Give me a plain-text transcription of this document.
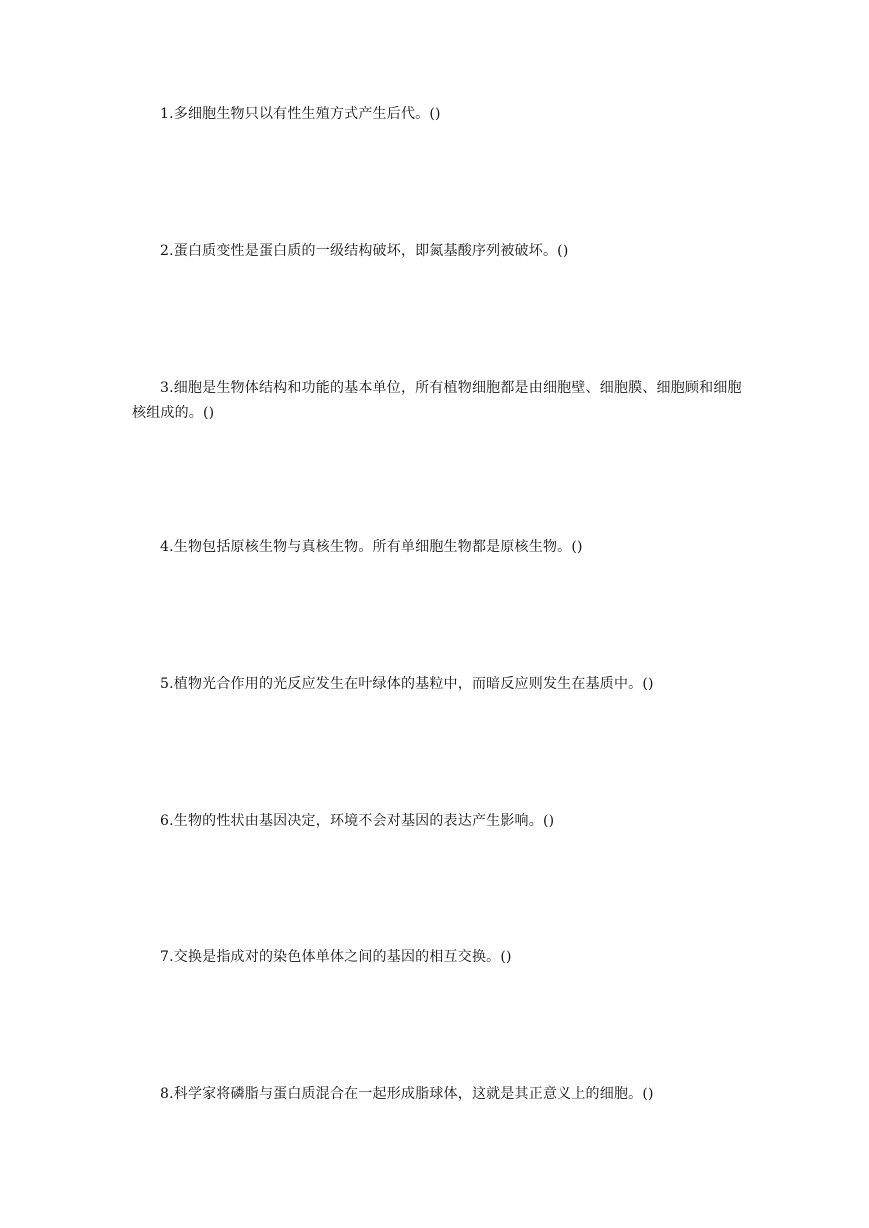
1.多细胞生物只以有性生殖方式产生后代。()

2.蛋白质变性是蛋白质的一级结构破坏，即氮基酸序列被破坏。()

3.细胞是生物体结构和功能的基本单位，所有植物细胞都是由细胞壁、细胞膜、细胞顾和细胞核组成的。()

4.生物包括原核生物与真核生物。所有单细胞生物都是原核生物。()

5.植物光合作用的光反应发生在叶绿体的基粒中，而暗反应则发生在基质中。()

6.生物的性状由基因决定，环境不会对基因的表达产生影响。()

7.交换是指成对的染色体单体之间的基因的相互交换。()

8.科学家将磷脂与蛋白质混合在一起形成脂球体，这就是其正意义上的细胞。()
